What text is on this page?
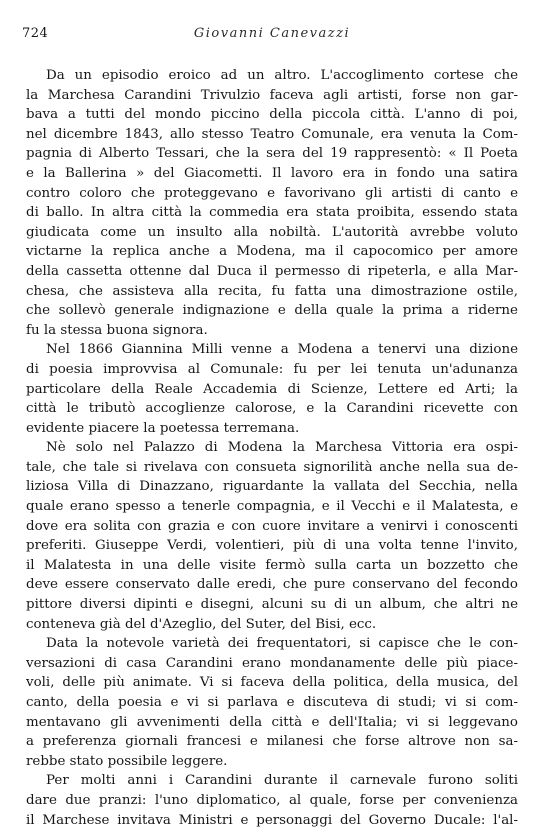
724	Giovanni Canevazzi
Da un episodio eroico ad un altro. L'accoglimento cortese che
la Marchesa Carandini Trivulzio faceva agli artisti, forse non gar-
bava a tutti del mondo piccino della piccola città. L'anno di poi,
nel dicembre 1843, allo stesso Teatro Comunale, era venuta la Com-
pagnia di Alberto Tessari, che la sera del 19 rappresentò: « Il Poeta
e la Ballerina » del Giacometti. Il lavoro era in fondo una satira
contro coloro che proteggevano e favorivano gli artisti di canto e
di ballo. In altra città la commedia era stata proibita, essendo stata
giudicata come un insulto alla nobiltà. L'autorità avrebbe voluto
victarne la replica anche a Modena, ma il capocomico per amore
della cassetta ottenne dal Duca il permesso di ripeterla, e alla Mar-
chesa, che assisteva alla recita, fu fatta una dimostrazione ostile,
che sollevò generale indignazione e della quale la prima a riderne
fu la stessa buona signora.
Nel 1866 Giannina Milli venne a Modena a tenervi una dizione
di poesia improvvisa al Comunale: fu per lei tenuta un'adunanza
particolare della Reale Accademia di Scienze, Lettere ed Arti; la
città le tributò accoglienze calorose, e la Carandini ricevette con
evidente piacere la poetessa terremana.
Nè solo nel Palazzo di Modena la Marchesa Vittoria era ospi-
tale, che tale si rivelava con consueta signorilità anche nella sua de-
liziosa Villa di Dinazzano, riguardante la vallata del Secchia, nella
quale erano spesso a tenerle compagnia, e il Vecchi e il Malatesta, e
dove era solita con grazia e con cuore invitare a venirvi i conoscenti
preferiti. Giuseppe Verdi, volentieri, più di una volta tenne l'invito,
il Malatesta in una delle visite fermò sulla carta un bozzetto che
deve essere conservato dalle eredi, che pure conservano del fecondo
pittore diversi dipinti e disegni, alcuni su di un album, che altri ne
conteneva già del d'Azeglio, del Suter, del Bisi, ecc.
Data la notevole varietà dei frequentatori, si capisce che le con-
versazioni di casa Carandini erano mondanamente delle più piace-
voli, delle più animate. Vi si faceva della politica, della musica, del
canto, della poesia e vi si parlava e discuteva di studi; vi si com-
mentavano gli avvenimenti della città e dell'Italia; vi si leggevano
a preferenza giornali francesi e milanesi che forse altrove non sa-
rebbe stato possibile leggere.
Per molti anni i Carandini durante il carnevale furono soliti
dare due pranzi: l'uno diplomatico, al quale, forse per convenienza
il Marchese invitava Ministri e personaggi del Governo Ducale: l'al-
